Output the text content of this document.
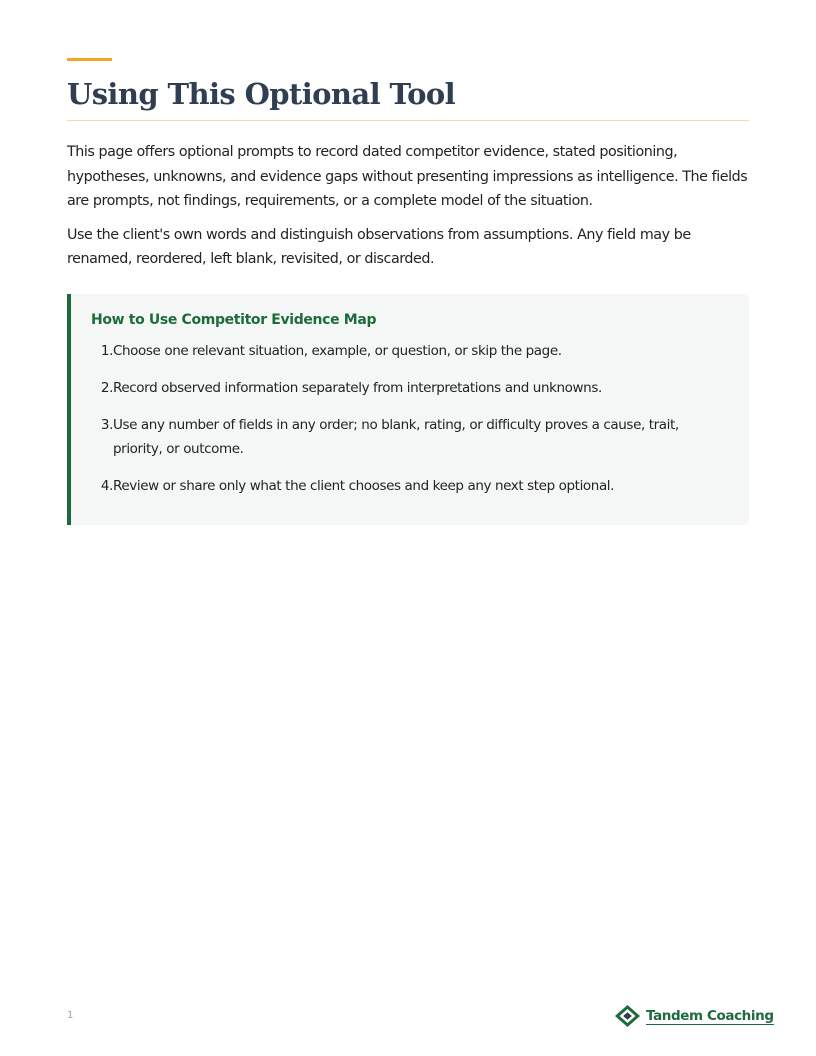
Using This Optional Tool

This page offers optional prompts to record dated competitor evidence, stated positioning, hypotheses, unknowns, and evidence gaps without presenting impressions as intelligence. The fields are prompts, not findings, requirements, or a complete model of the situation.

Use the client's own words and distinguish observations from assumptions. Any field may be renamed, reordered, left blank, revisited, or discarded.

How to Use Competitor Evidence Map
1 . Choose one relevant situation, example, or question, or skip the page.
2 . Record observed information separately from interpretations and unknowns.
3 . Use any number of fields in any order; no blank, rating, or difficulty proves a cause, trait, priority, or outcome.
4 . Review or share only what the client chooses and keep any next step optional.
1	Tandem Coaching
